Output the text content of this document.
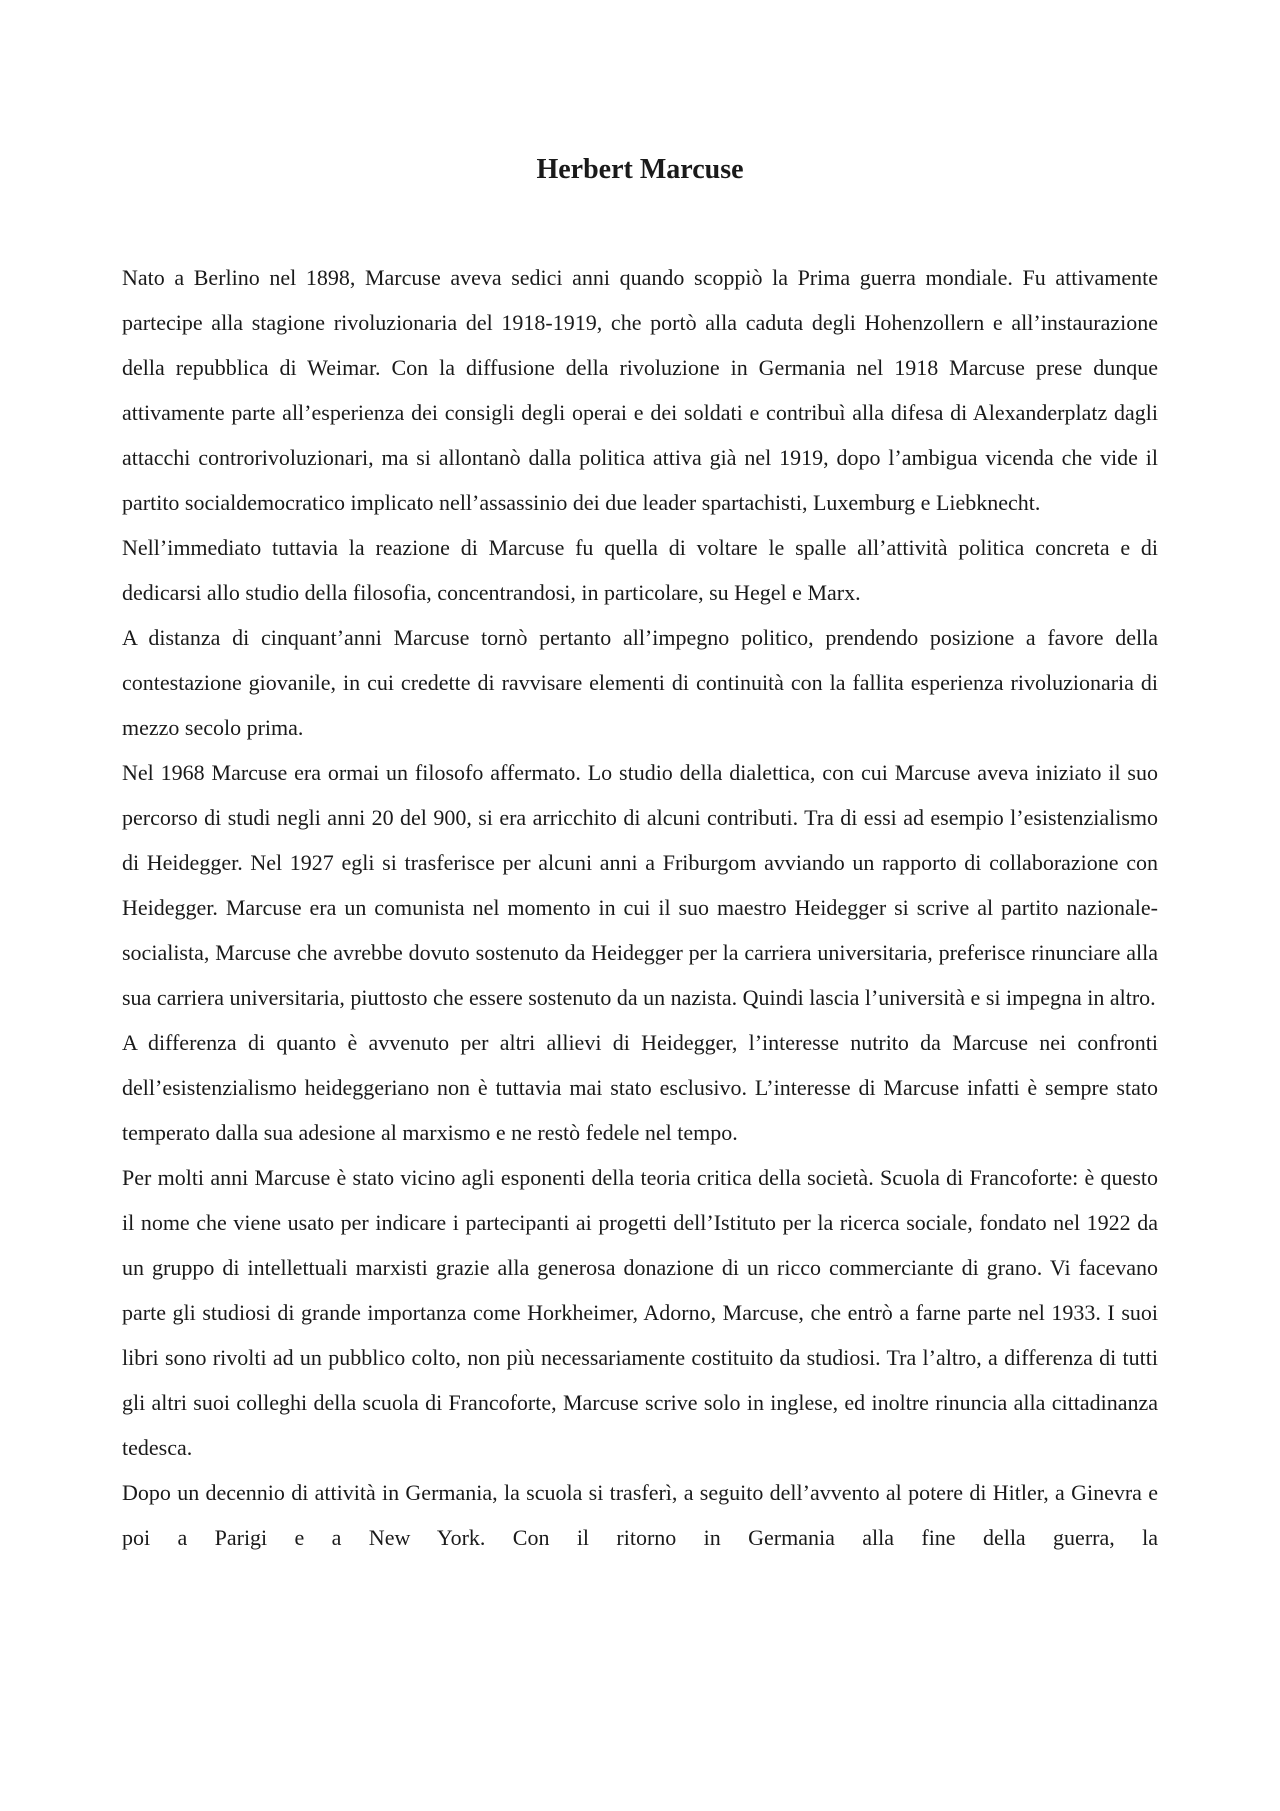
Herbert Marcuse

Nato a Berlino nel 1898, Marcuse aveva sedici anni quando scoppiò la Prima guerra mondiale. Fu attivamente partecipe alla stagione rivoluzionaria del 1918-1919, che portò alla caduta degli Hohenzollern e all’instaurazione della repubblica di Weimar. Con la diffusione della rivoluzione in Germania nel 1918 Marcuse prese dunque attivamente parte all’esperienza dei consigli degli operai e dei soldati e contribuì alla difesa di Alexanderplatz dagli attacchi controrivoluzionari, ma si allontanò dalla politica attiva già nel 1919, dopo l’ambigua vicenda che vide il partito socialdemocratico implicato nell’assassinio dei due leader spartachisti, Luxemburg e Liebknecht.

Nell’immediato tuttavia la reazione di Marcuse fu quella di voltare le spalle all’attività politica concreta e di dedicarsi allo studio della filosofia, concentrandosi, in particolare, su Hegel e Marx.

A distanza di cinquant’anni Marcuse tornò pertanto all’impegno politico, prendendo posizione a favore della contestazione giovanile, in cui credette di ravvisare elementi di continuità con la fallita esperienza rivoluzionaria di mezzo secolo prima.

Nel 1968 Marcuse era ormai un filosofo affermato. Lo studio della dialettica, con cui Marcuse aveva iniziato il suo percorso di studi negli anni 20 del 900, si era arricchito di alcuni contributi. Tra di essi ad esempio l’esistenzialismo di Heidegger. Nel 1927 egli si trasferisce per alcuni anni a Friburgom avviando un rapporto di collaborazione con Heidegger. Marcuse era un comunista nel momento in cui il suo maestro Heidegger si scrive al partito nazionale-socialista, Marcuse che avrebbe dovuto sostenuto da Heidegger per la carriera universitaria, preferisce rinunciare alla sua carriera universitaria, piuttosto che essere sostenuto da un nazista. Quindi lascia l’università e si impegna in altro.

A differenza di quanto è avvenuto per altri allievi di Heidegger, l’interesse nutrito da Marcuse nei confronti dell’esistenzialismo heideggeriano non è tuttavia mai stato esclusivo. L’interesse di Marcuse infatti è sempre stato temperato dalla sua adesione al marxismo e ne restò fedele nel tempo.

Per molti anni Marcuse è stato vicino agli esponenti della teoria critica della società. Scuola di Francoforte: è questo il nome che viene usato per indicare i partecipanti ai progetti dell’Istituto per la ricerca sociale, fondato nel 1922 da un gruppo di intellettuali marxisti grazie alla generosa donazione di un ricco commerciante di grano. Vi facevano parte gli studiosi di grande importanza come Horkheimer, Adorno, Marcuse, che entrò a farne parte nel 1933. I suoi libri sono rivolti ad un pubblico colto, non più necessariamente costituito da studiosi. Tra l’altro, a differenza di tutti gli altri suoi colleghi della scuola di Francoforte, Marcuse scrive solo in inglese, ed inoltre rinuncia alla cittadinanza tedesca.

Dopo un decennio di attività in Germania, la scuola si trasferì, a seguito dell’avvento al potere di Hitler, a Ginevra e poi a Parigi e a New York. Con il ritorno in Germania alla fine della guerra, la
